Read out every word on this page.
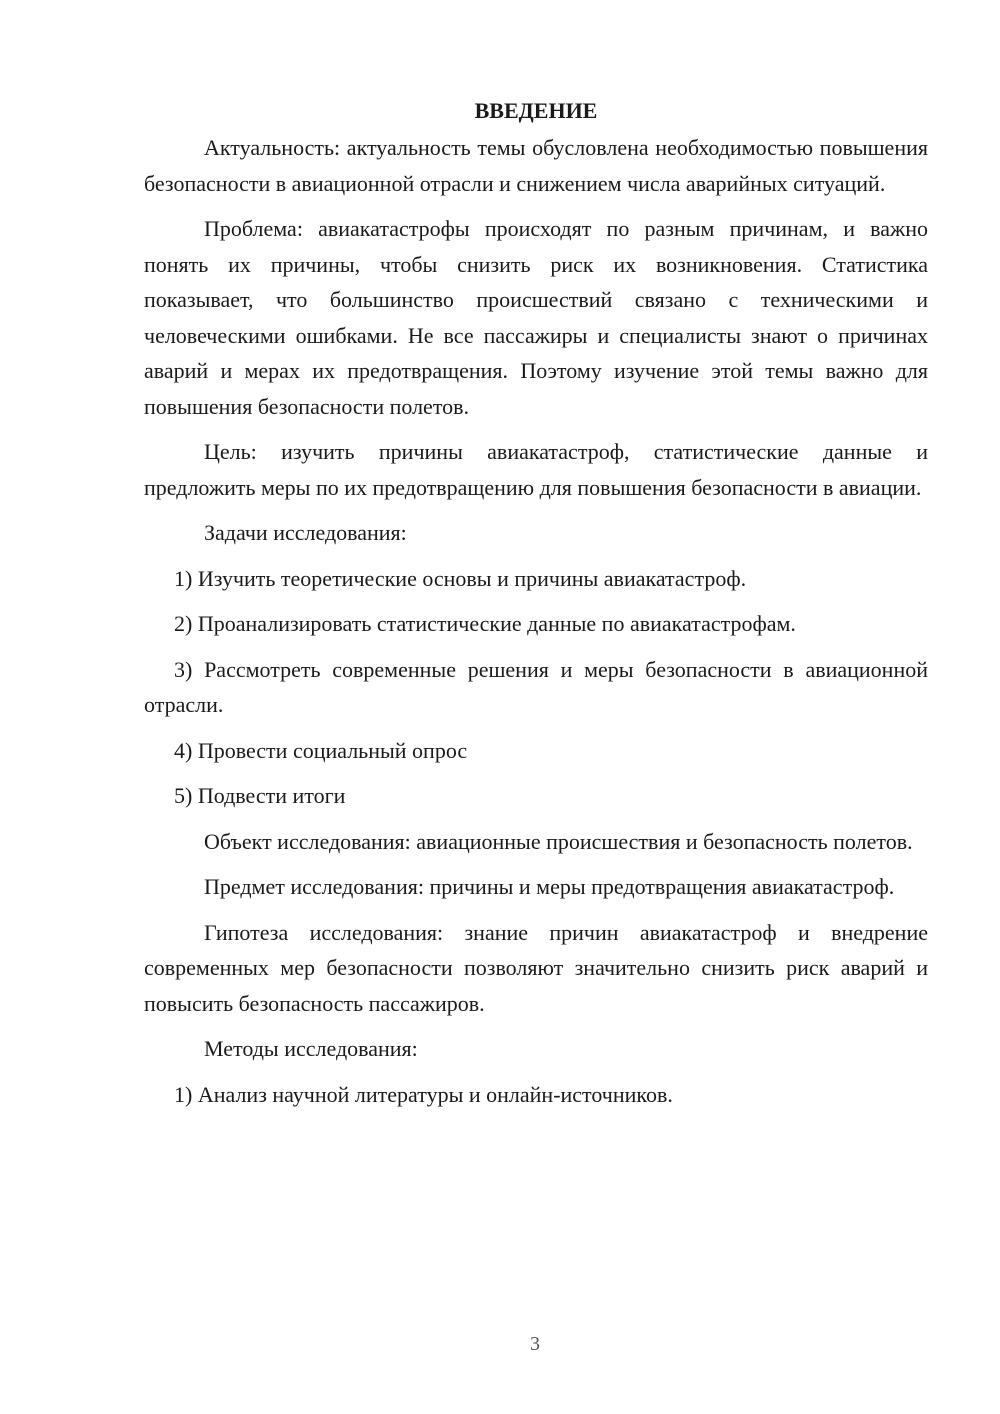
ВВЕДЕНИЕ

Актуальность: актуальность темы обусловлена необходимостью повышения безопасности в авиационной отрасли и снижением числа аварийных ситуаций.

Проблема: авиакатастрофы происходят по разным причинам, и важно понять их причины, чтобы снизить риск их возникновения. Статистика показывает, что большинство происшествий связано с техническими и человеческими ошибками. Не все пассажиры и специалисты знают о причинах аварий и мерах их предотвращения. Поэтому изучение этой темы важно для повышения безопасности полетов.

Цель: изучить причины авиакатастроф, статистические данные и предложить меры по их предотвращению для повышения безопасности в авиации.

Задачи исследования:

1) Изучить теоретические основы и причины авиакатастроф.

2) Проанализировать статистические данные по авиакатастрофам.

3) Рассмотреть современные решения и меры безопасности в авиационной отрасли.

4) Провести социальный опрос

5) Подвести итоги

Объект исследования: авиационные происшествия и безопасность полетов.

Предмет исследования: причины и меры предотвращения авиакатастроф.

Гипотеза исследования: знание причин авиакатастроф и внедрение современных мер безопасности позволяют значительно снизить риск аварий и повысить безопасность пассажиров.

Методы исследования:

1) Анализ научной литературы и онлайн-источников.

3
